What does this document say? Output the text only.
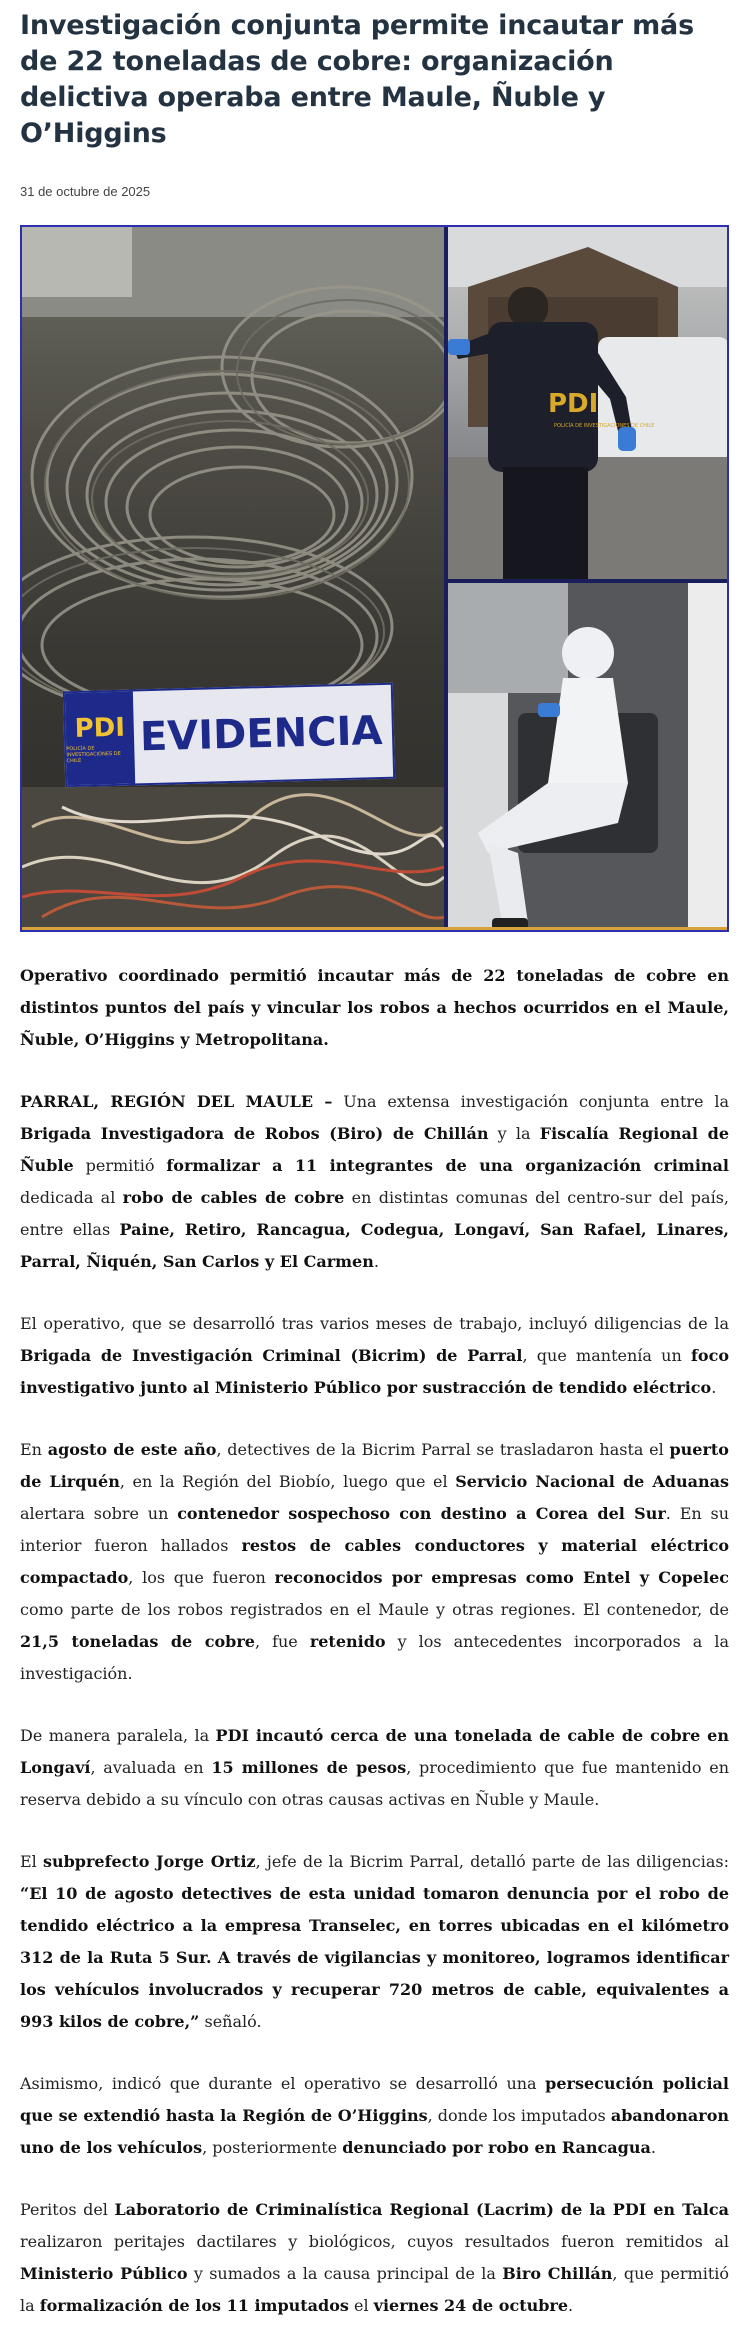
Investigación conjunta permite incautar más de 22 toneladas de cobre: organización delictiva operaba entre Maule, Ñuble y O’Higgins
31 de octubre de 2025
PDI
POLICÍA DE INVESTIGACIONES DE CHILE
EVIDENCIA
PDI
POLICÍA DE INVESTIGACIONES DE CHILE

Operativo coordinado permitió incautar más de 22 toneladas de cobre en distintos puntos del país y vincular los robos a hechos ocurridos en el Maule, Ñuble, O’Higgins y Metropolitana.

PARRAL, REGIÓN DEL MAULE – Una extensa investigación conjunta entre la Brigada Investigadora de Robos (Biro) de Chillán y la Fiscalía Regional de Ñuble permitió formalizar a 11 integrantes de una organización criminal dedicada al robo de cables de cobre en distintas comunas del centro-sur del país, entre ellas Paine, Retiro, Rancagua, Codegua, Longaví, San Rafael, Linares, Parral, Ñiquén, San Carlos y El Carmen.

El operativo, que se desarrolló tras varios meses de trabajo, incluyó diligencias de la Brigada de Investigación Criminal (Bicrim) de Parral, que mantenía un foco investigativo junto al Ministerio Público por sustracción de tendido eléctrico.

En agosto de este año, detectives de la Bicrim Parral se trasladaron hasta el puerto de Lirquén, en la Región del Biobío, luego que el Servicio Nacional de Aduanas alertara sobre un contenedor sospechoso con destino a Corea del Sur. En su interior fueron hallados restos de cables conductores y material eléctrico compactado, los que fueron reconocidos por empresas como Entel y Copelec como parte de los robos registrados en el Maule y otras regiones. El contenedor, de 21,5 toneladas de cobre, fue retenido y los antecedentes incorporados a la investigación.

De manera paralela, la PDI incautó cerca de una tonelada de cable de cobre en Longaví, avaluada en 15 millones de pesos, procedimiento que fue mantenido en reserva debido a su vínculo con otras causas activas en Ñuble y Maule.

El subprefecto Jorge Ortiz, jefe de la Bicrim Parral, detalló parte de las diligencias: “El 10 de agosto detectives de esta unidad tomaron denuncia por el robo de tendido eléctrico a la empresa Transelec, en torres ubicadas en el kilómetro 312 de la Ruta 5 Sur. A través de vigilancias y monitoreo, logramos identificar los vehículos involucrados y recuperar 720 metros de cable, equivalentes a 993 kilos de cobre,” señaló.

Asimismo, indicó que durante el operativo se desarrolló una persecución policial que se extendió hasta la Región de O’Higgins, donde los imputados abandonaron uno de los vehículos, posteriormente denunciado por robo en Rancagua.

Peritos del Laboratorio de Criminalística Regional (Lacrim) de la PDI en Talca realizaron peritajes dactilares y biológicos, cuyos resultados fueron remitidos al Ministerio Público y sumados a la causa principal de la Biro Chillán, que permitió la formalización de los 11 imputados el viernes 24 de octubre.
